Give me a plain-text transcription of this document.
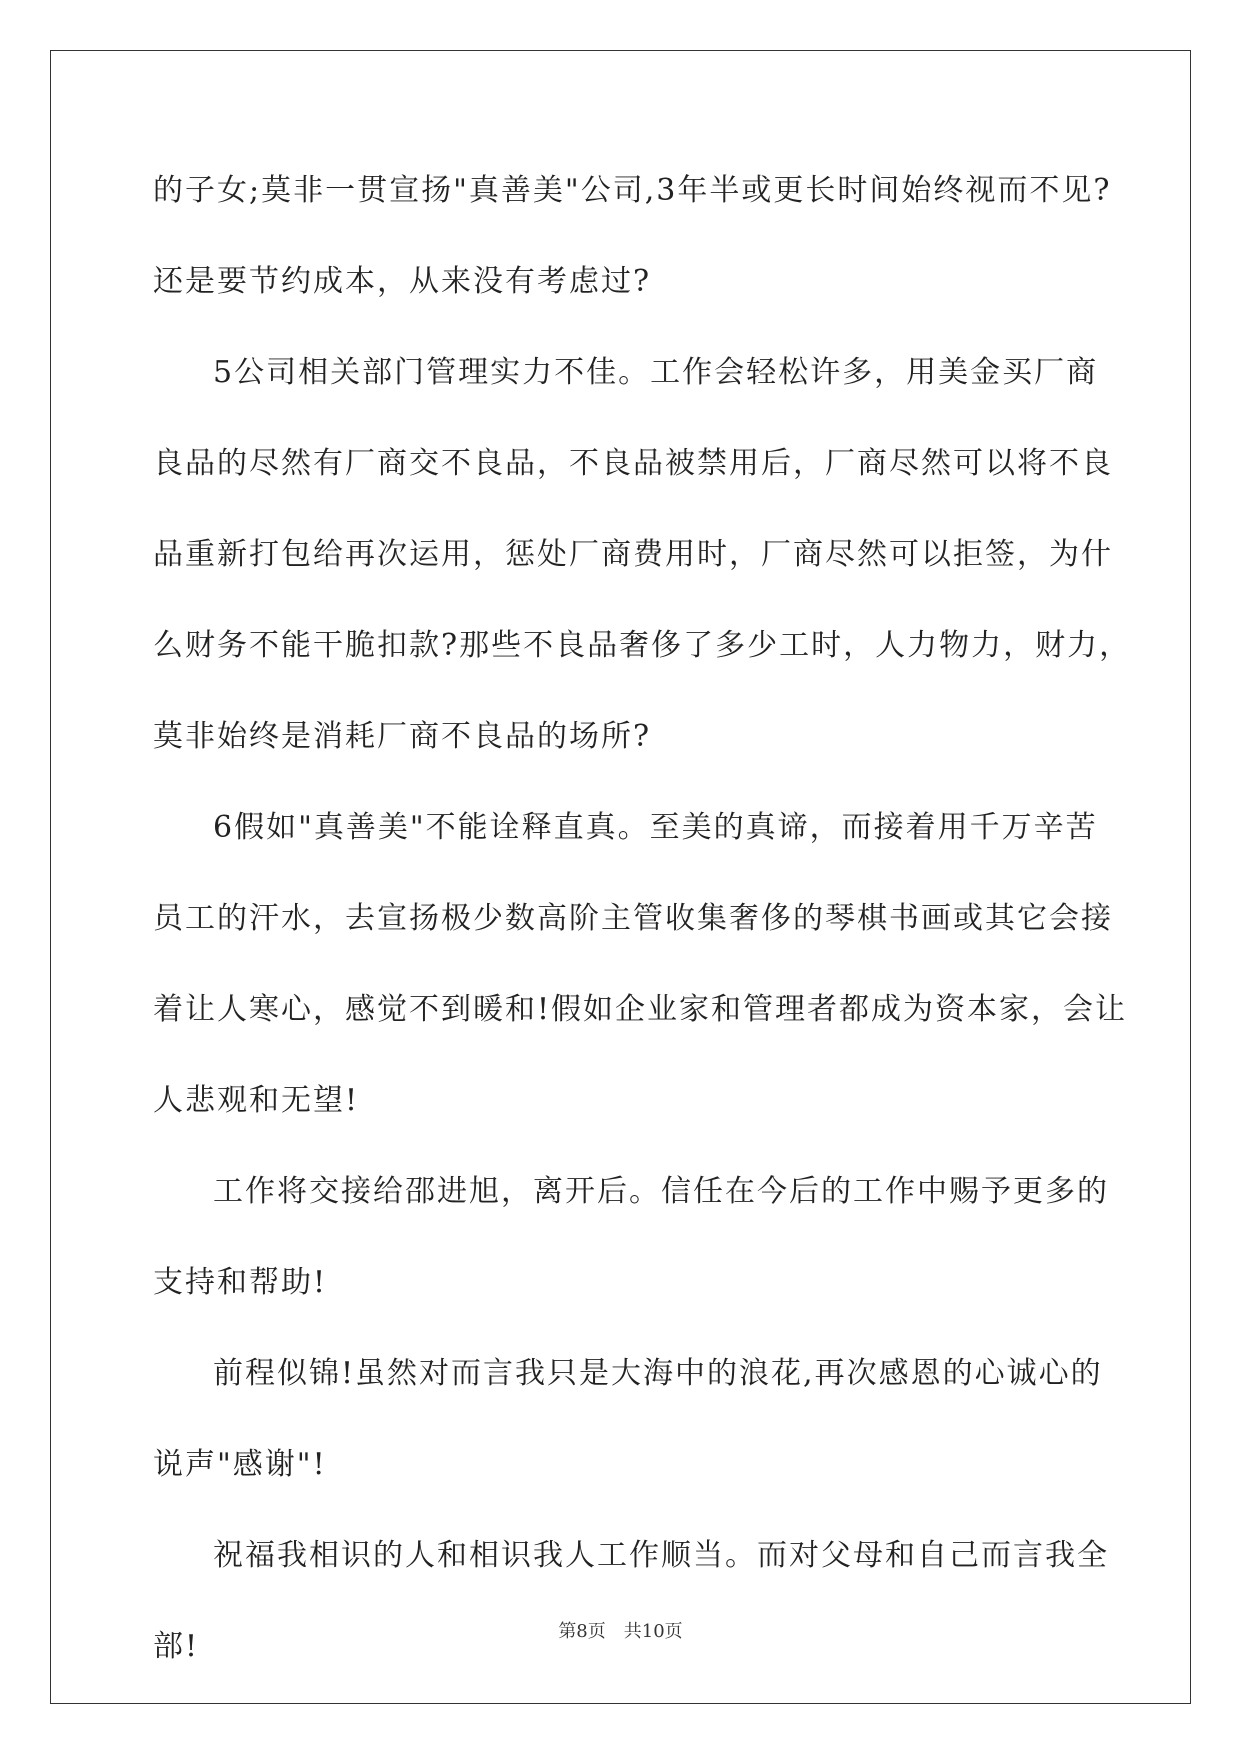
的子女;莫非一贯宣扬"真善美"公司,3年半或更长时间始终视而不见?
还是要节约成本，从来没有考虑过?
5公司相关部门管理实力不佳。工作会轻松许多，用美金买厂商
良品的尽然有厂商交不良品，不良品被禁用后，厂商尽然可以将不良
品重新打包给再次运用，惩处厂商费用时，厂商尽然可以拒签，为什
么财务不能干脆扣款?那些不良品奢侈了多少工时，人力物力，财力，
莫非始终是消耗厂商不良品的场所?
6假如"真善美"不能诠释直真。至美的真谛，而接着用千万辛苦
员工的汗水，去宣扬极少数高阶主管收集奢侈的琴棋书画或其它会接
着让人寒心，感觉不到暖和!假如企业家和管理者都成为资本家，会让
人悲观和无望!
工作将交接给邵进旭，离开后。信任在今后的工作中赐予更多的
支持和帮助!
前程似锦!虽然对而言我只是大海中的浪花,再次感恩的心诚心的
说声"感谢"!
祝福我相识的人和相识我人工作顺当。而对父母和自己而言我全
部!	第8页　共10页
